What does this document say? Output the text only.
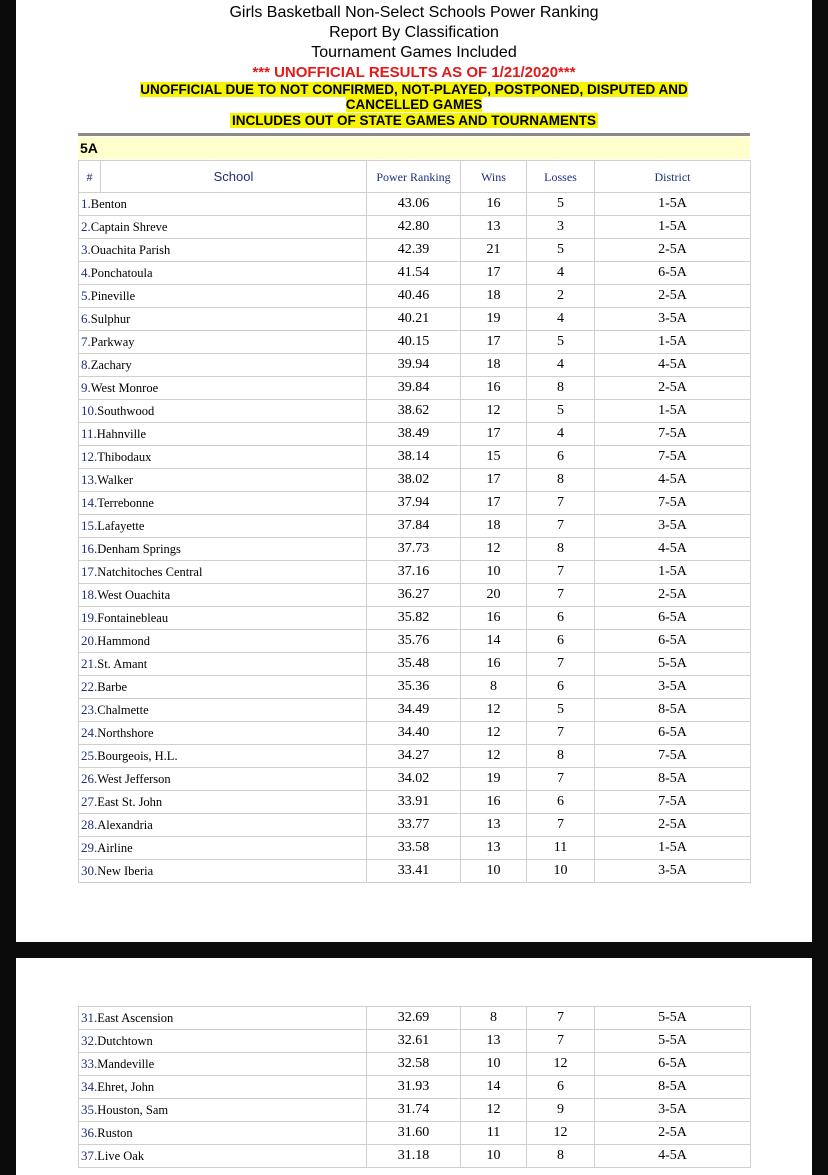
Girls Basketball Non-Select Schools Power Ranking
Report By Classification
Tournament Games Included
*** UNOFFICIAL RESULTS AS OF 1/21/2020***
UNOFFICIAL DUE TO NOT CONFIRMED, NOT-PLAYED, POSTPONED, DISPUTED AND CANCELLED GAMES
INCLUDES OUT OF STATE GAMES AND TOURNAMENTS
5A
#	School	Power Ranking	Wins	Losses	District
1.Benton		43.06	16	5	1-5A
2.Captain Shreve		42.80	13	3	1-5A
3.Ouachita Parish		42.39	21	5	2-5A
4.Ponchatoula		41.54	17	4	6-5A
5.Pineville		40.46	18	2	2-5A
6.Sulphur		40.21	19	4	3-5A
7.Parkway		40.15	17	5	1-5A
8.Zachary		39.94	18	4	4-5A
9.West Monroe		39.84	16	8	2-5A
10.Southwood		38.62	12	5	1-5A
11.Hahnville		38.49	17	4	7-5A
12.Thibodaux		38.14	15	6	7-5A
13.Walker		38.02	17	8	4-5A
14.Terrebonne		37.94	17	7	7-5A
15.Lafayette		37.84	18	7	3-5A
16.Denham Springs		37.73	12	8	4-5A
17.Natchitoches Central		37.16	10	7	1-5A
18.West Ouachita		36.27	20	7	2-5A
19.Fontainebleau		35.82	16	6	6-5A
20.Hammond		35.76	14	6	6-5A
21.St. Amant		35.48	16	7	5-5A
22.Barbe		35.36	8	6	3-5A
23.Chalmette		34.49	12	5	8-5A
24.Northshore		34.40	12	7	6-5A
25.Bourgeois, H.L.		34.27	12	8	7-5A
26.West Jefferson		34.02	19	7	8-5A
27.East St. John		33.91	16	6	7-5A
28.Alexandria		33.77	13	7	2-5A
29.Airline		33.58	13	11	1-5A
30.New Iberia		33.41	10	10	3-5A
31.East Ascension	32.69	8	7	5-5A
32.Dutchtown	32.61	13	7	5-5A
33.Mandeville	32.58	10	12	6-5A
34.Ehret, John	31.93	14	6	8-5A
35.Houston, Sam	31.74	12	9	3-5A
36.Ruston	31.60	11	12	2-5A
37.Live Oak	31.18	10	8	4-5A
